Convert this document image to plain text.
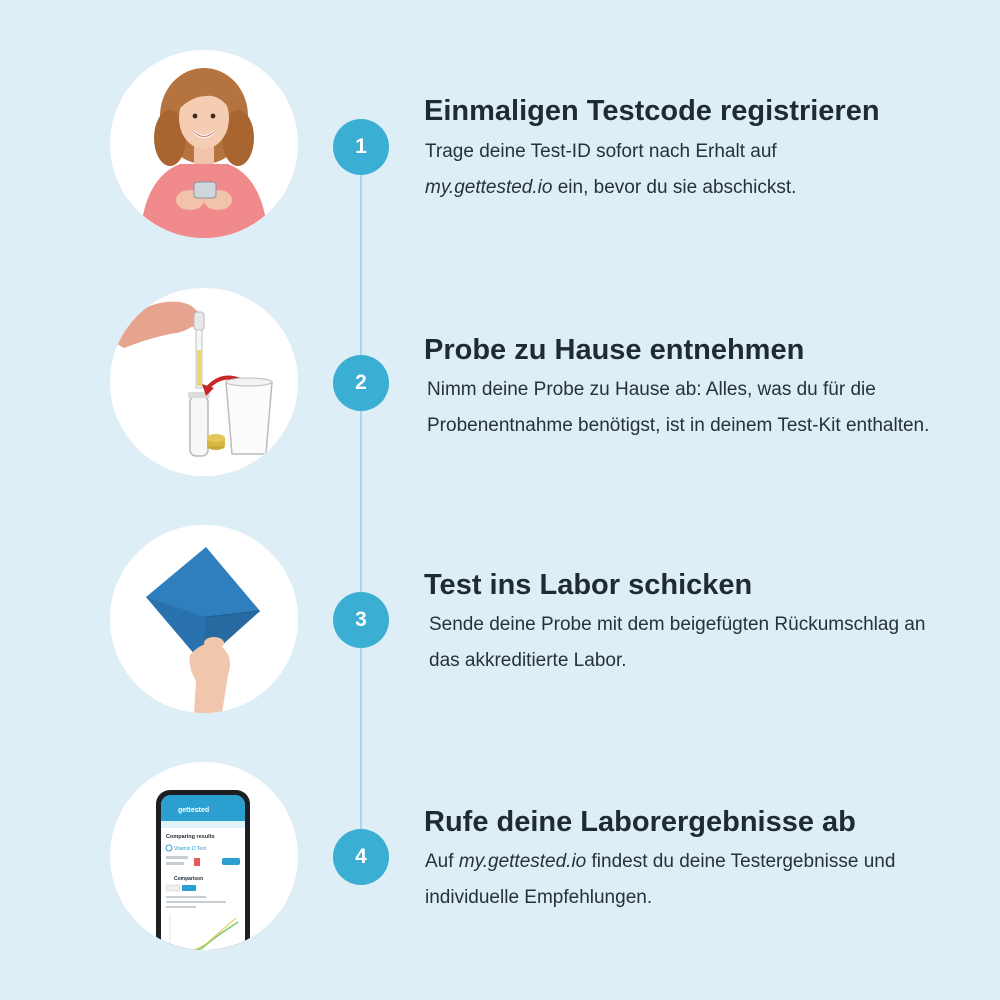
1
Einmaligen Testcode registrieren

Trage deine Test-ID sofort nach Erhalt auf
my.gettested.io ein, bevor du sie abschickst.

2
Probe zu Hause entnehmen

Nimm deine Probe zu Hause ab: Alles, was du für die Probenentnahme benötigst, ist in deinem Test-Kit enthalten.

3
Test ins Labor schicken

Sende deine Probe mit dem beigefügten Rückumschlag an das akkreditierte Labor.

gettested
Comparing results
Vitamin D Test
Comparison
4
Rufe deine Laborergebnisse ab

Auf my.gettested.io findest du deine Testergebnisse und individuelle Empfehlungen.
